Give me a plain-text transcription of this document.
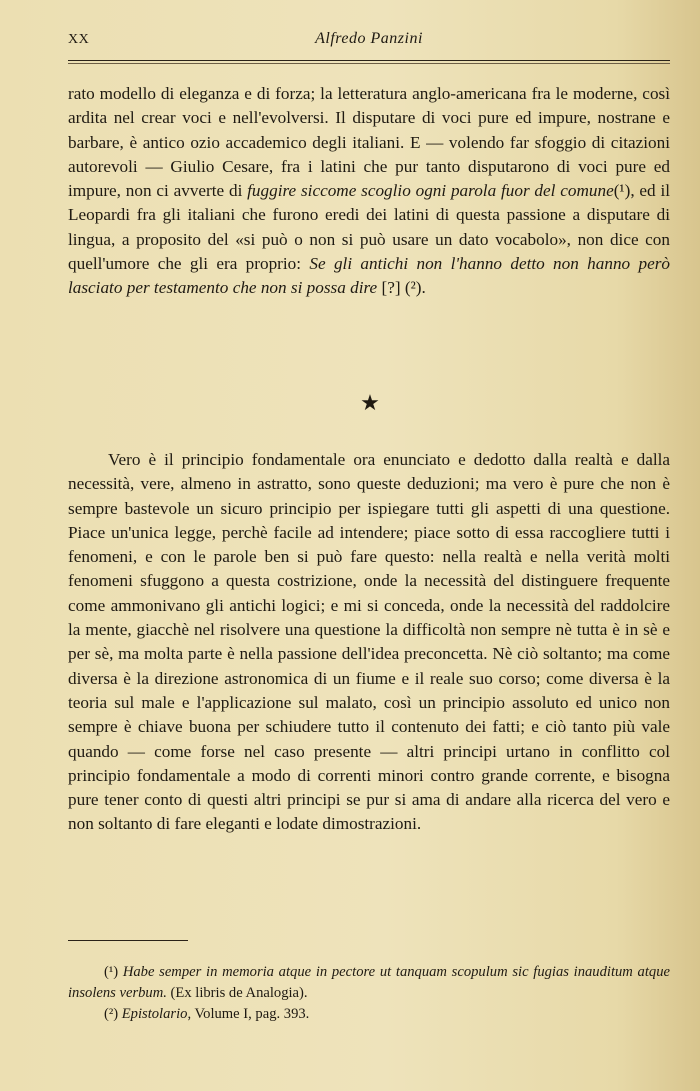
XX	Alfredo Panzini

rato modello di eleganza e di forza; la letteratura anglo-americana fra le moderne, così ardita nel crear voci e nell'evolversi. Il disputare di voci pure ed impure, nostrane e barbare, è antico ozio accademico degli italiani. E — volendo far sfoggio di citazioni autorevoli — Giulio Cesare, fra i latini che pur tanto disputarono di voci pure ed impure, non ci avverte di fuggire siccome scoglio ogni parola fuor del comune(¹), ed il Leopardi fra gli italiani che furono eredi dei latini di questa passione a disputare di lingua, a proposito del «si può o non si può usare un dato vocabolo», non dice con quell'umore che gli era proprio: Se gli antichi non l'hanno detto non hanno però lasciato per testamento che non si possa dire [?] (²).

★

Vero è il principio fondamentale ora enunciato e dedotto dalla realtà e dalla necessità, vere, almeno in astratto, sono queste deduzioni; ma vero è pure che non è sempre bastevole un sicuro principio per ispiegare tutti gli aspetti di una questione. Piace un'unica legge, perchè facile ad intendere; piace sotto di essa raccogliere tutti i fenomeni, e con le parole ben si può fare questo: nella realtà e nella verità molti fenomeni sfuggono a questa costrizione, onde la necessità del distinguere frequente come ammonivano gli antichi logici; e mi si conceda, onde la necessità del raddolcire la mente, giacchè nel risolvere una questione la difficoltà non sempre nè tutta è in sè e per sè, ma molta parte è nella passione dell'idea preconcetta. Nè ciò soltanto; ma come diversa è la direzione astronomica di un fiume e il reale suo corso; come diversa è la teoria sul male e l'applicazione sul malato, così un principio assoluto ed unico non sempre è chiave buona per schiudere tutto il contenuto dei fatti; e ciò tanto più vale quando — come forse nel caso presente — altri principi urtano in conflitto col principio fondamentale a modo di correnti minori contro grande corrente, e bisogna pure tener conto di questi altri principi se pur si ama di andare alla ricerca del vero e non soltanto di fare eleganti e lodate dimostrazioni.

(¹) Habe semper in memoria atque in pectore ut tanquam scopulum sic fugias inauditum atque insolens verbum. (Ex libris de Analogia).

(²) Epistolario, Volume I, pag. 393.
